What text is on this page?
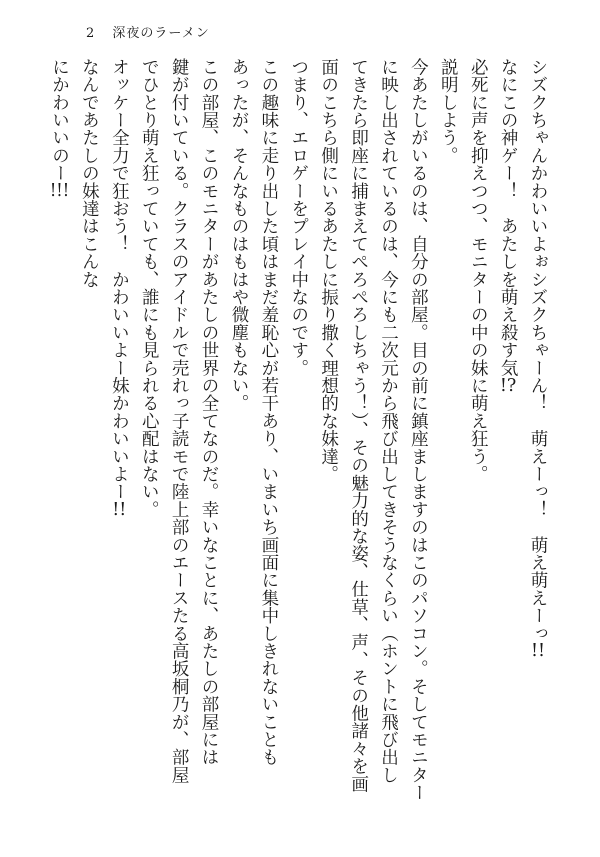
2 深夜のラーメン
シズクちゃんかわいいよぉシズクちゃーん！　萌えーっ！　萌え萌えーっ!!
なにこの神ゲー！　あたしを萌え殺す気!?
必死に声を抑えつつ、モニターの中の妹に萌え狂う。
説明しよう。
今あたしがいるのは、自分の部屋。目の前に鎮座ましますのはこのパソコン。そしてモニター
に映し出されているのは、今にも二次元から飛び出してきそうなくらい（ホントに飛び出し
てきたら即座に捕まえてぺろぺろしちゃう！）、その魅力的な姿、仕草、声、その他諸々を画
面のこちら側にいるあたしに振り撒く理想的な妹達。
つまり、エロゲーをプレイ中なのです。
この趣味に走り出した頃はまだ羞恥心が若干あり、いまいち画面に集中しきれないことも
あったが、そんなものはもはや微塵もない。
この部屋、このモニターがあたしの世界の全てなのだ。幸いなことに、あたしの部屋には
鍵が付いている。クラスのアイドルで売れっ子読モで陸上部のエースたる高坂桐乃が、部屋
でひとり萌え狂っていても、誰にも見られる心配はない。
オッケー全力で狂おう！　かわいいよー妹かわいいよー!!
なんであたしの妹達はこんな
にかわいいのー!!!
